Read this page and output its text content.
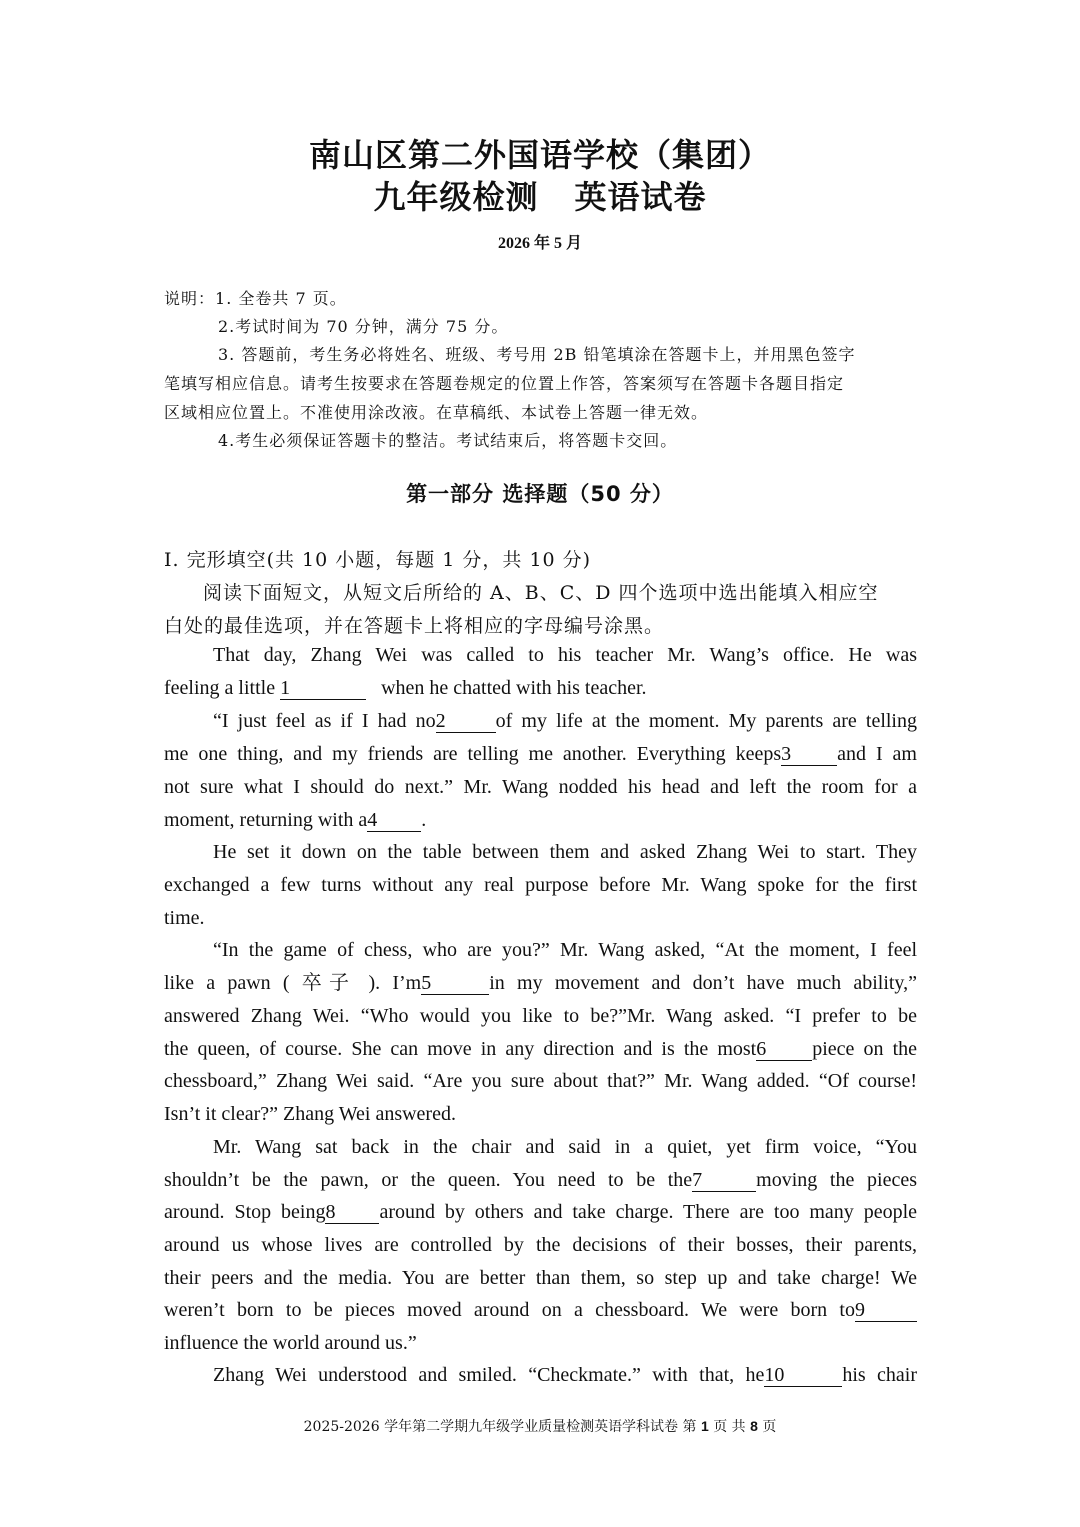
南山区第二外国语学校（集团）
九年级检测 英语试卷
2026 年 5 月
说明：1. 全卷共 7 页。
2.考试时间为 70 分钟，满分 75 分。
3. 答题前，考生务必将姓名、班级、考号用 2B 铅笔填涂在答题卡上，并用黑色签字
笔填写相应信息。请考生按要求在答题卷规定的位置上作答，答案须写在答题卡各题目指定
区域相应位置上。不准使用涂改液。在草稿纸、本试卷上答题一律无效。
4.考生必须保证答题卡的整洁。考试结束后，将答题卡交回。
第一部分 选择题（50 分）
I. 完形填空(共 10 小题，每题 1 分，共 10 分)
阅读下面短文，从短文后所给的 A、B、C、D 四个选项中选出能填入相应空
白处的最佳选项，并在答题卡上将相应的字母编号涂黑。
That day, Zhang Wei was called to his teacher Mr. Wang’s office. He was
feeling a little 1	when he chatted with his teacher.
“I just feel as if I had no2	of my life at the moment. My parents are telling
me one thing, and my friends are telling me another. Everything keeps3 and I am
not sure what I should do next.” Mr. Wang nodded his head and left the room for a
moment, returning with a4 .
He set it down on the table between them and asked Zhang Wei to start. They
exchanged a few turns without any real purpose before Mr. Wang spoke for the first
time.
“In the game of chess, who are you?” Mr. Wang asked, “At the moment, I feel
like a pawn ( 卒子 ). I’m5	in my movement and don’t have much ability,”
answered Zhang Wei. “Who would you like to be?”Mr. Wang asked. “I prefer to be
the queen, of course. She can move in any direction and is the most6 piece on the
chessboard,” Zhang Wei said. “Are you sure about that?” Mr. Wang added. “Of course!
Isn’t it clear?” Zhang Wei answered.
Mr. Wang sat back in the chair and said in a quiet, yet firm voice, “You
shouldn’t be the pawn, or the queen. You need to be the7	moving the pieces
around. Stop being8 around by others and take charge. There are too many people
around us whose lives are controlled by the decisions of their bosses, their parents,
their peers and the media. You are better than them, so step up and take charge! We
weren’t born to be pieces moved around on a chessboard. We were born to9
influence the world around us.”
Zhang Wei understood and smiled. “Checkmate.” with that, he10	his chair
2025-2026 学年第二学期九年级学业质量检测英语学科试卷 第 1 页 共 8 页
